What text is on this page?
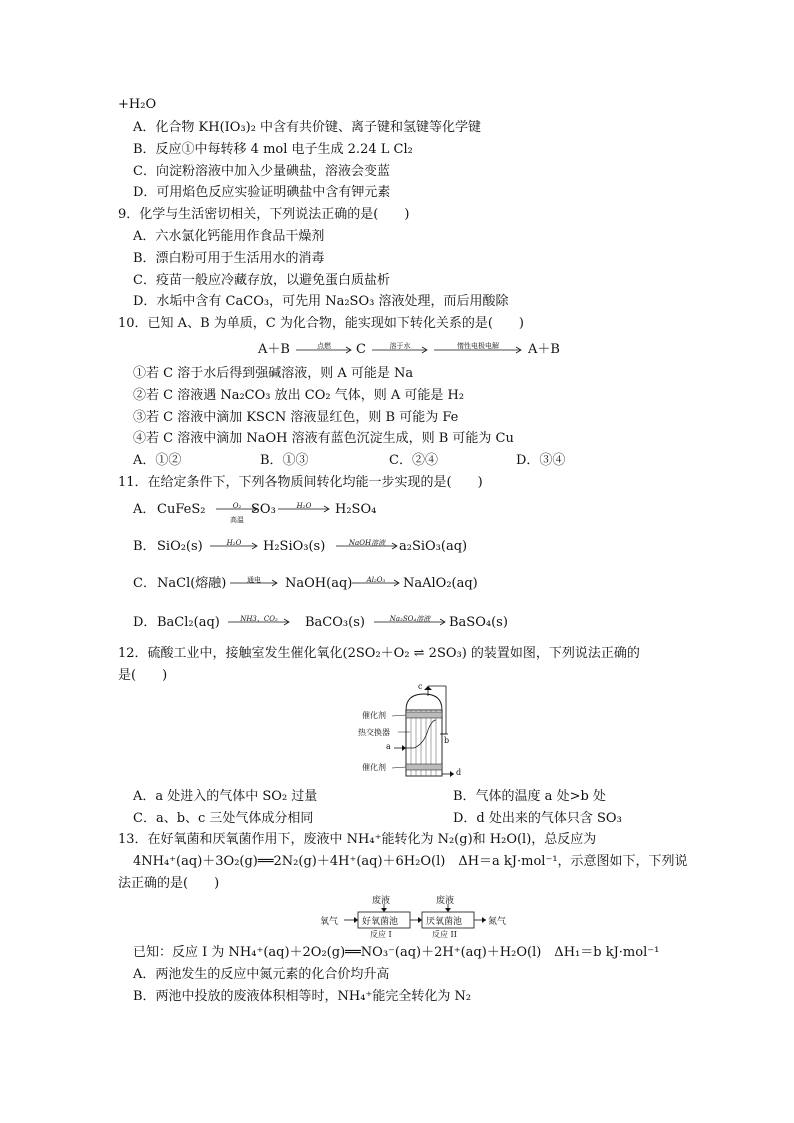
+H₂O
A．化合物 KH(IO₃)₂ 中含有共价键、离子键和氢键等化学键
B．反应①中每转移 4 mol 电子生成 2.24 L Cl₂
C．向淀粉溶液中加入少量碘盐，溶液会变蓝
D．可用焰色反应实验证明碘盐中含有钾元素
9．化学与生活密切相关，下列说法正确的是(　　)
A．六水氯化钙能用作食品干燥剂
B．漂白粉可用于生活用水的消毒
C．疫苗一般应冷藏存放，以避免蛋白质盐析
D．水垢中含有 CaCO₃，可先用 Na₂SO₃ 溶液处理，而后用酸除
10．已知 A、B 为单质，C 为化合物，能实现如下转化关系的是(　　)
A＋B	点燃	C	溶于水	惰性电极电解	A＋B
①若 C 溶于水后得到强碱溶液，则 A 可能是 Na
②若 C 溶液遇 Na₂CO₃ 放出 CO₂ 气体，则 A 可能是 H₂
③若 C 溶液中滴加 KSCN 溶液显红色，则 B 可能为 Fe
④若 C 溶液中滴加 NaOH 溶液有蓝色沉淀生成，则 B 可能为 Cu
A．①②	B．①③	C．②④	D．③④
11．在给定条件下，下列各物质间转化均能一步实现的是(　　)
A． CuFeS₂	O₂
高温
SO₃	H₂O	H₂SO₄
B． SiO₂(s)	H₂O	H₂SiO₃(s)	NaOH溶液	a₂SiO₃(aq)
C． NaCl(熔融)	通电	NaOH(aq)	Al₂O₃	NaAlO₂(aq)
D． BaCl₂(aq)	NH3、CO₂	BaCO₃(s)	Na₂SO₄溶液	BaSO₄(s)
12．硫酸工业中，接触室发生催化氧化(2SO₂＋O₂ ⇌ 2SO₃) 的装置如图，下列说法正确的
是(　　)
催化剂
热交换器
催化剂
a
b
c
d
A．a 处进入的气体中 SO₂ 过量	B．气体的温度 a 处>b 处
C．a、b、c 三处气体成分相同	D．d 处出来的气体只含 SO₃
13．在好氧菌和厌氧菌作用下，废液中 NH₄⁺能转化为 N₂(g)和 H₂O(l)，总反应为
4NH₄⁺(aq)＋3O₂(g)══2N₂(g)＋4H⁺(aq)＋6H₂O(l)　ΔH＝a kJ·mol⁻¹，示意图如下，下列说
法正确的是(　　)
氧气
废液	废液
好氧菌池	厌氧菌池
反应 I	反应 II
氮气
已知：反应 I 为 NH₄⁺(aq)＋2O₂(g)══NO₃⁻(aq)＋2H⁺(aq)＋H₂O(l)　ΔH₁＝b kJ·mol⁻¹
A．两池发生的反应中氮元素的化合价均升高
B．两池中投放的废液体积相等时，NH₄⁺能完全转化为 N₂
